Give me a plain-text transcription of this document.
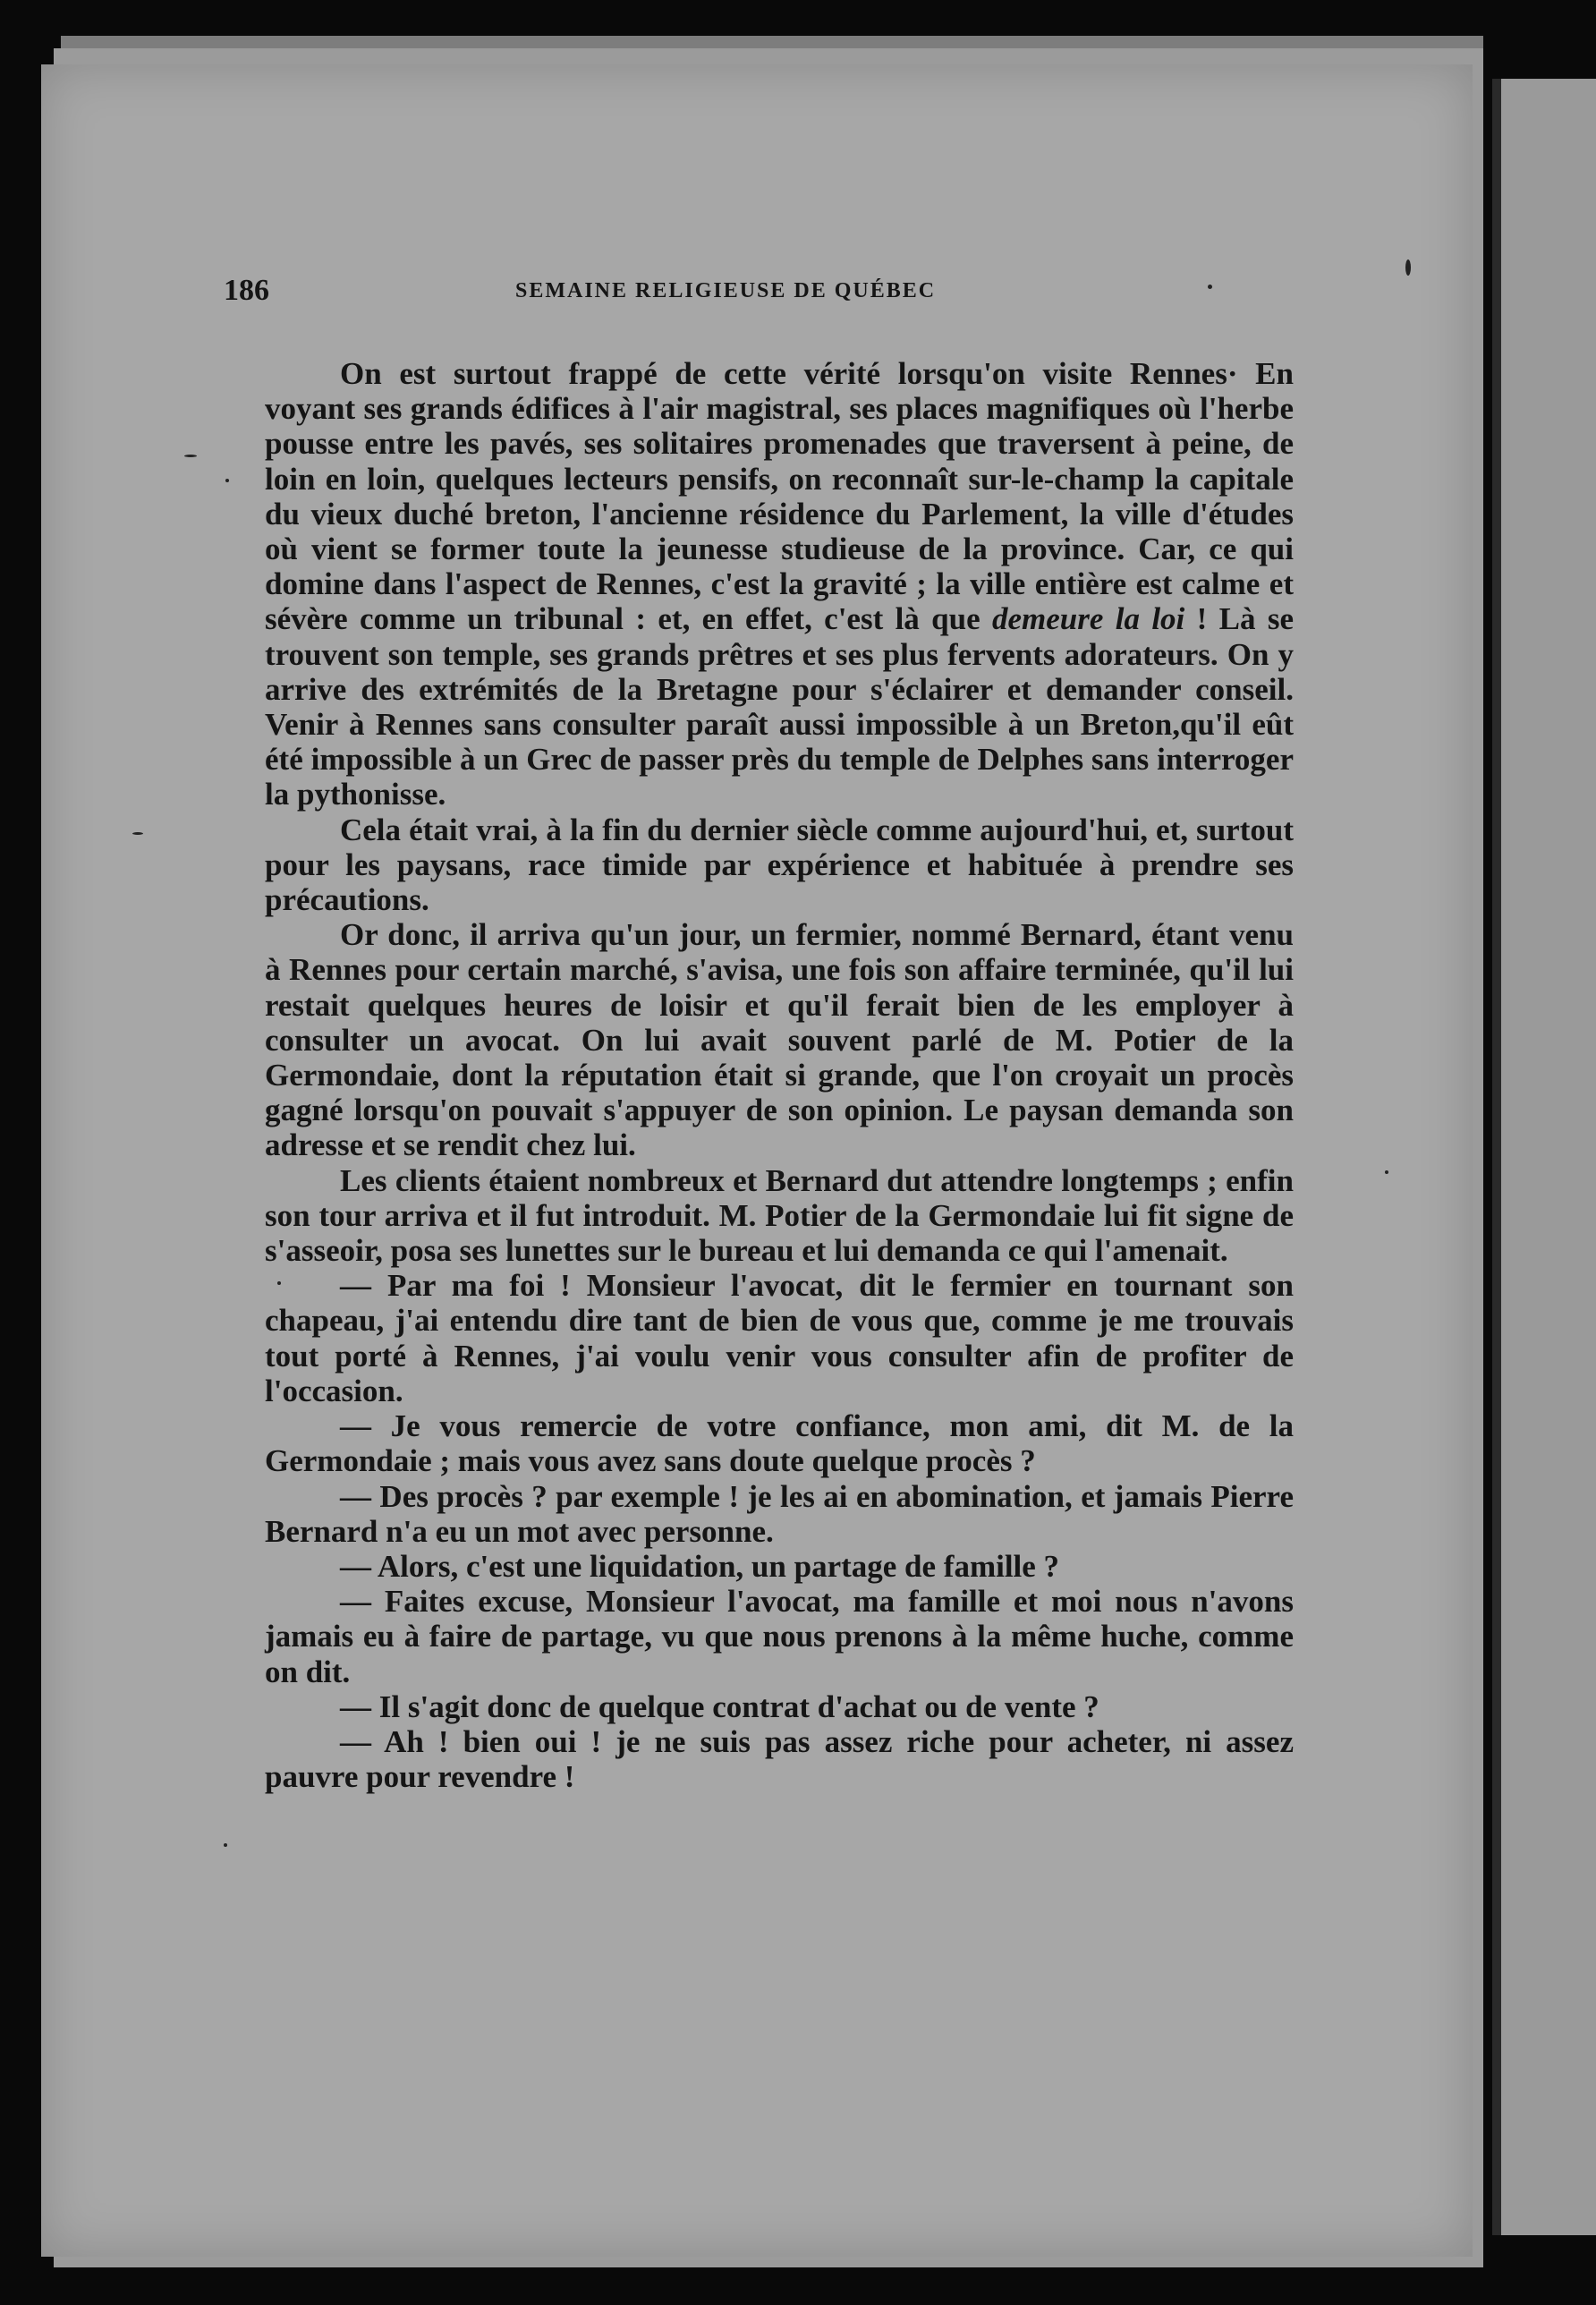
186	SEMAINE RELIGIEUSE DE QUÉBEC

On est surtout frappé de cette vérité lorsqu'on visite Rennes· En voyant ses grands édifices à l'air magistral, ses places magnifiques où l'herbe pousse entre les pavés, ses solitaires promenades que traversent à peine, de loin en loin, quelques lecteurs pensifs, on reconnaît sur-le-champ la capitale du vieux duché breton, l'ancienne résidence du Parlement, la ville d'études où vient se former toute la jeunesse studieuse de la province. Car, ce qui domine dans l'aspect de Rennes, c'est la gravité ; la ville entière est calme et sévère comme un tribunal : et, en effet, c'est là que demeure la loi ! Là se trouvent son temple, ses grands prêtres et ses plus fervents adorateurs. On y arrive des extrémités de la Bretagne pour s'éclairer et demander conseil. Venir à Rennes sans consulter paraît aussi impossible à un Breton,qu'il eût été impossible à un Grec de passer près du temple de Delphes sans interroger la pythonisse.

Cela était vrai, à la fin du dernier siècle comme aujourd'hui, et, surtout pour les paysans, race timide par expérience et habituée à prendre ses précautions.

Or donc, il arriva qu'un jour, un fermier, nommé Bernard, étant venu à Rennes pour certain marché, s'avisa, une fois son affaire terminée, qu'il lui restait quelques heures de loisir et qu'il ferait bien de les employer à consulter un avocat. On lui avait souvent parlé de M. Potier de la Germondaie, dont la réputation était si grande, que l'on croyait un procès gagné lorsqu'on pouvait s'appuyer de son opinion. Le paysan demanda son adresse et se rendit chez lui.

Les clients étaient nombreux et Bernard dut attendre longtemps ; enfin son tour arriva et il fut introduit. M. Potier de la Germondaie lui fit signe de s'asseoir, posa ses lunettes sur le bureau et lui demanda ce qui l'amenait.

— Par ma foi ! Monsieur l'avocat, dit le fermier en tournant son chapeau, j'ai entendu dire tant de bien de vous que, comme je me trouvais tout porté à Rennes, j'ai voulu venir vous consulter afin de profiter de l'occasion.

— Je vous remercie de votre confiance, mon ami, dit M. de la Germondaie ; mais vous avez sans doute quelque procès ?

— Des procès ? par exemple ! je les ai en abomination, et jamais Pierre Bernard n'a eu un mot avec personne.

— Alors, c'est une liquidation, un partage de famille ?

— Faites excuse, Monsieur l'avocat, ma famille et moi nous n'avons jamais eu à faire de partage, vu que nous prenons à la même huche, comme on dit.

— Il s'agit donc de quelque contrat d'achat ou de vente ?

— Ah ! bien oui ! je ne suis pas assez riche pour acheter, ni assez pauvre pour revendre !
